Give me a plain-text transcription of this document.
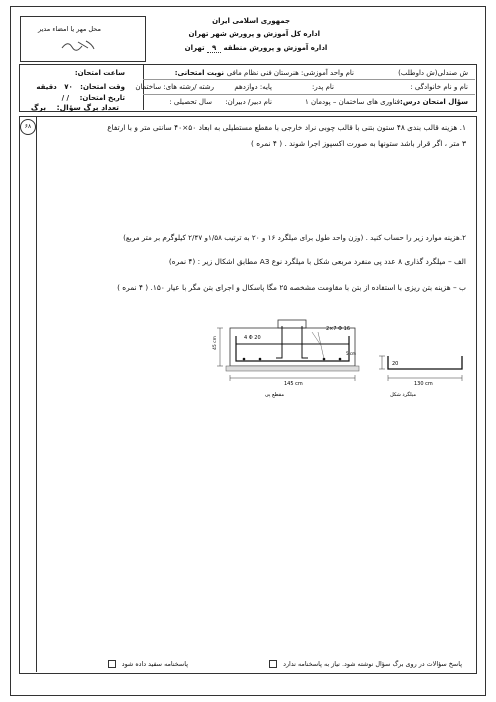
محل مهر یا امضاء مدیر
جمهوری اسلامی ایران
اداره کل آموزش و پرورش شهر تهران
اداره آموزش و پرورش منطقه ۹ تهران
ش صندلی(ش داوطلب)
نام واحد آموزشی: هنرستان فنی نظام مافی
نوبت امتحانی:
ساعت امتحان:
نام و نام خانوادگی :
نام پدر:
پایه: دوازدهم
رشته /رشته های: ساختمان
وقت امتحان: ۷۰ دقیقه
سؤال امتحان درس:
فناوری های ساختمان – پودمان ۱
نام دبیر/ دبیران:
سال تحصیلی :
تاریخ امتحان: / /
تعداد برگ سؤال: برگ
۶۸	۱. هزینه قالب بندی ۴۸ ستون بتنی با قالب چوبی نراد خارجی با مقطع مستطیلی به ابعاد ۵۰×۴۰ سانتی متر و با ارتفاع
۳ متر ، اگر قرار باشد ستونها به صورت اکسپوز اجرا شوند . ( ۴ نمره )
۲.هزینه موارد زیر را حساب کنید . (وزن واحد طول برای میلگرد ۱۶ و ۲۰ به ترتیب ۱/۵۸و ۲/۴۷ کیلوگرم بر متر مربع)
الف – میلگرد گذاری ۸ عدد پی منفرد مربعی شکل با میلگرد نوع A3 مطابق اشکال زیر : (۴ نمره)
ب – هزینه بتن ریزی با استفاده از بتن با مقاومت مشخصه ۲۵ مگا پاسکال و اجرای بتن مگر با عیار ۱۵۰. ( ۴ نمره )
45 cm
145 cm
4 Φ 20
2×7 Φ 16
5 cm
مقطع پی
20
130 cm
میلگرد شکل
پاسخ سؤالات در روی برگ سؤال نوشته شود. نیاز به پاسخنامه ندارد
پاسخنامه سفید داده شود
